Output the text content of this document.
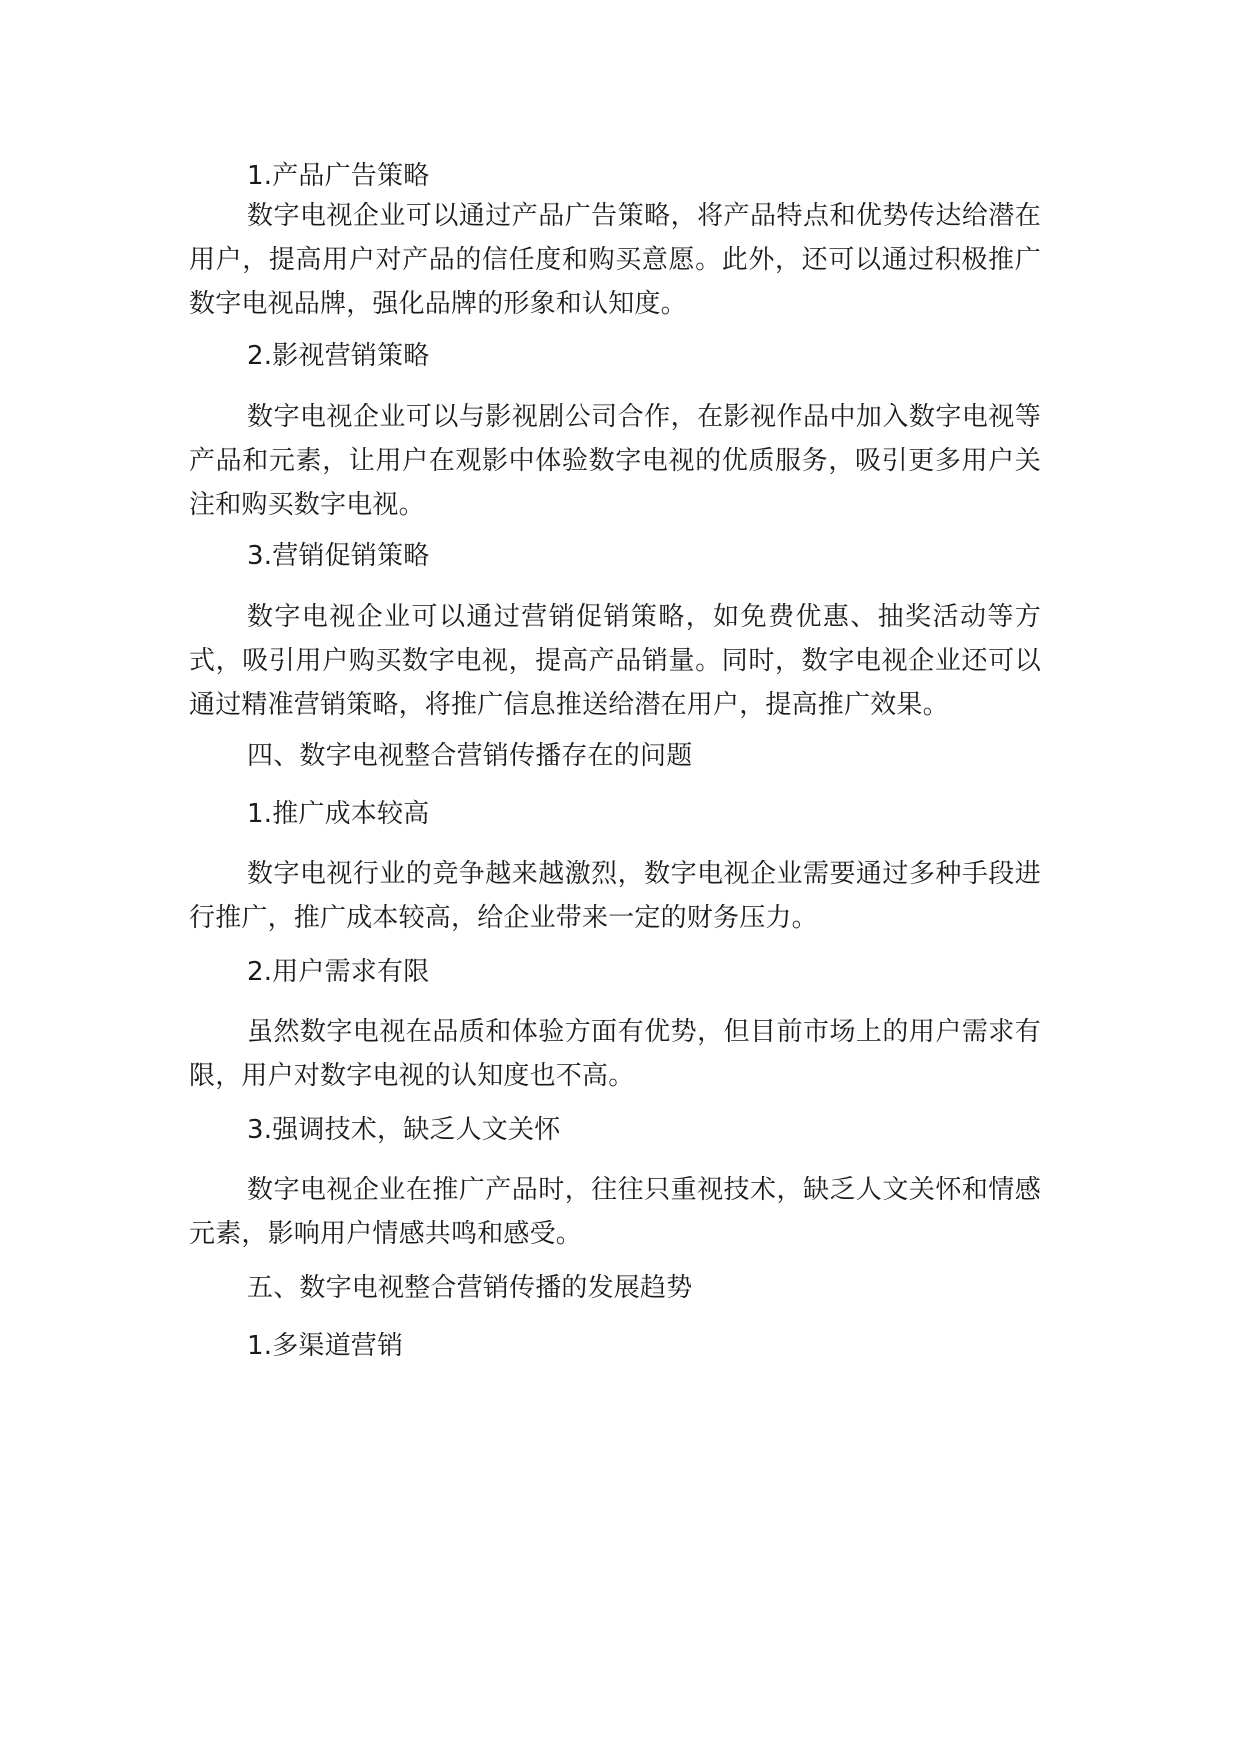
1.产品广告策略

数字电视企业可以通过产品广告策略，将产品特点和优势传达给潜在用户，提高用户对产品的信任度和购买意愿。此外，还可以通过积极推广数字电视品牌，强化品牌的形象和认知度。

2.影视营销策略

数字电视企业可以与影视剧公司合作，在影视作品中加入数字电视等产品和元素，让用户在观影中体验数字电视的优质服务，吸引更多用户关注和购买数字电视。

3.营销促销策略

数字电视企业可以通过营销促销策略，如免费优惠、抽奖活动等方式，吸引用户购买数字电视，提高产品销量。同时，数字电视企业还可以通过精准营销策略，将推广信息推送给潜在用户，提高推广效果。

四、数字电视整合营销传播存在的问题

1.推广成本较高

数字电视行业的竞争越来越激烈，数字电视企业需要通过多种手段进行推广，推广成本较高，给企业带来一定的财务压力。

2.用户需求有限

虽然数字电视在品质和体验方面有优势，但目前市场上的用户需求有限，用户对数字电视的认知度也不高。

3.强调技术，缺乏人文关怀

数字电视企业在推广产品时，往往只重视技术，缺乏人文关怀和情感元素，影响用户情感共鸣和感受。

五、数字电视整合营销传播的发展趋势

1.多渠道营销
